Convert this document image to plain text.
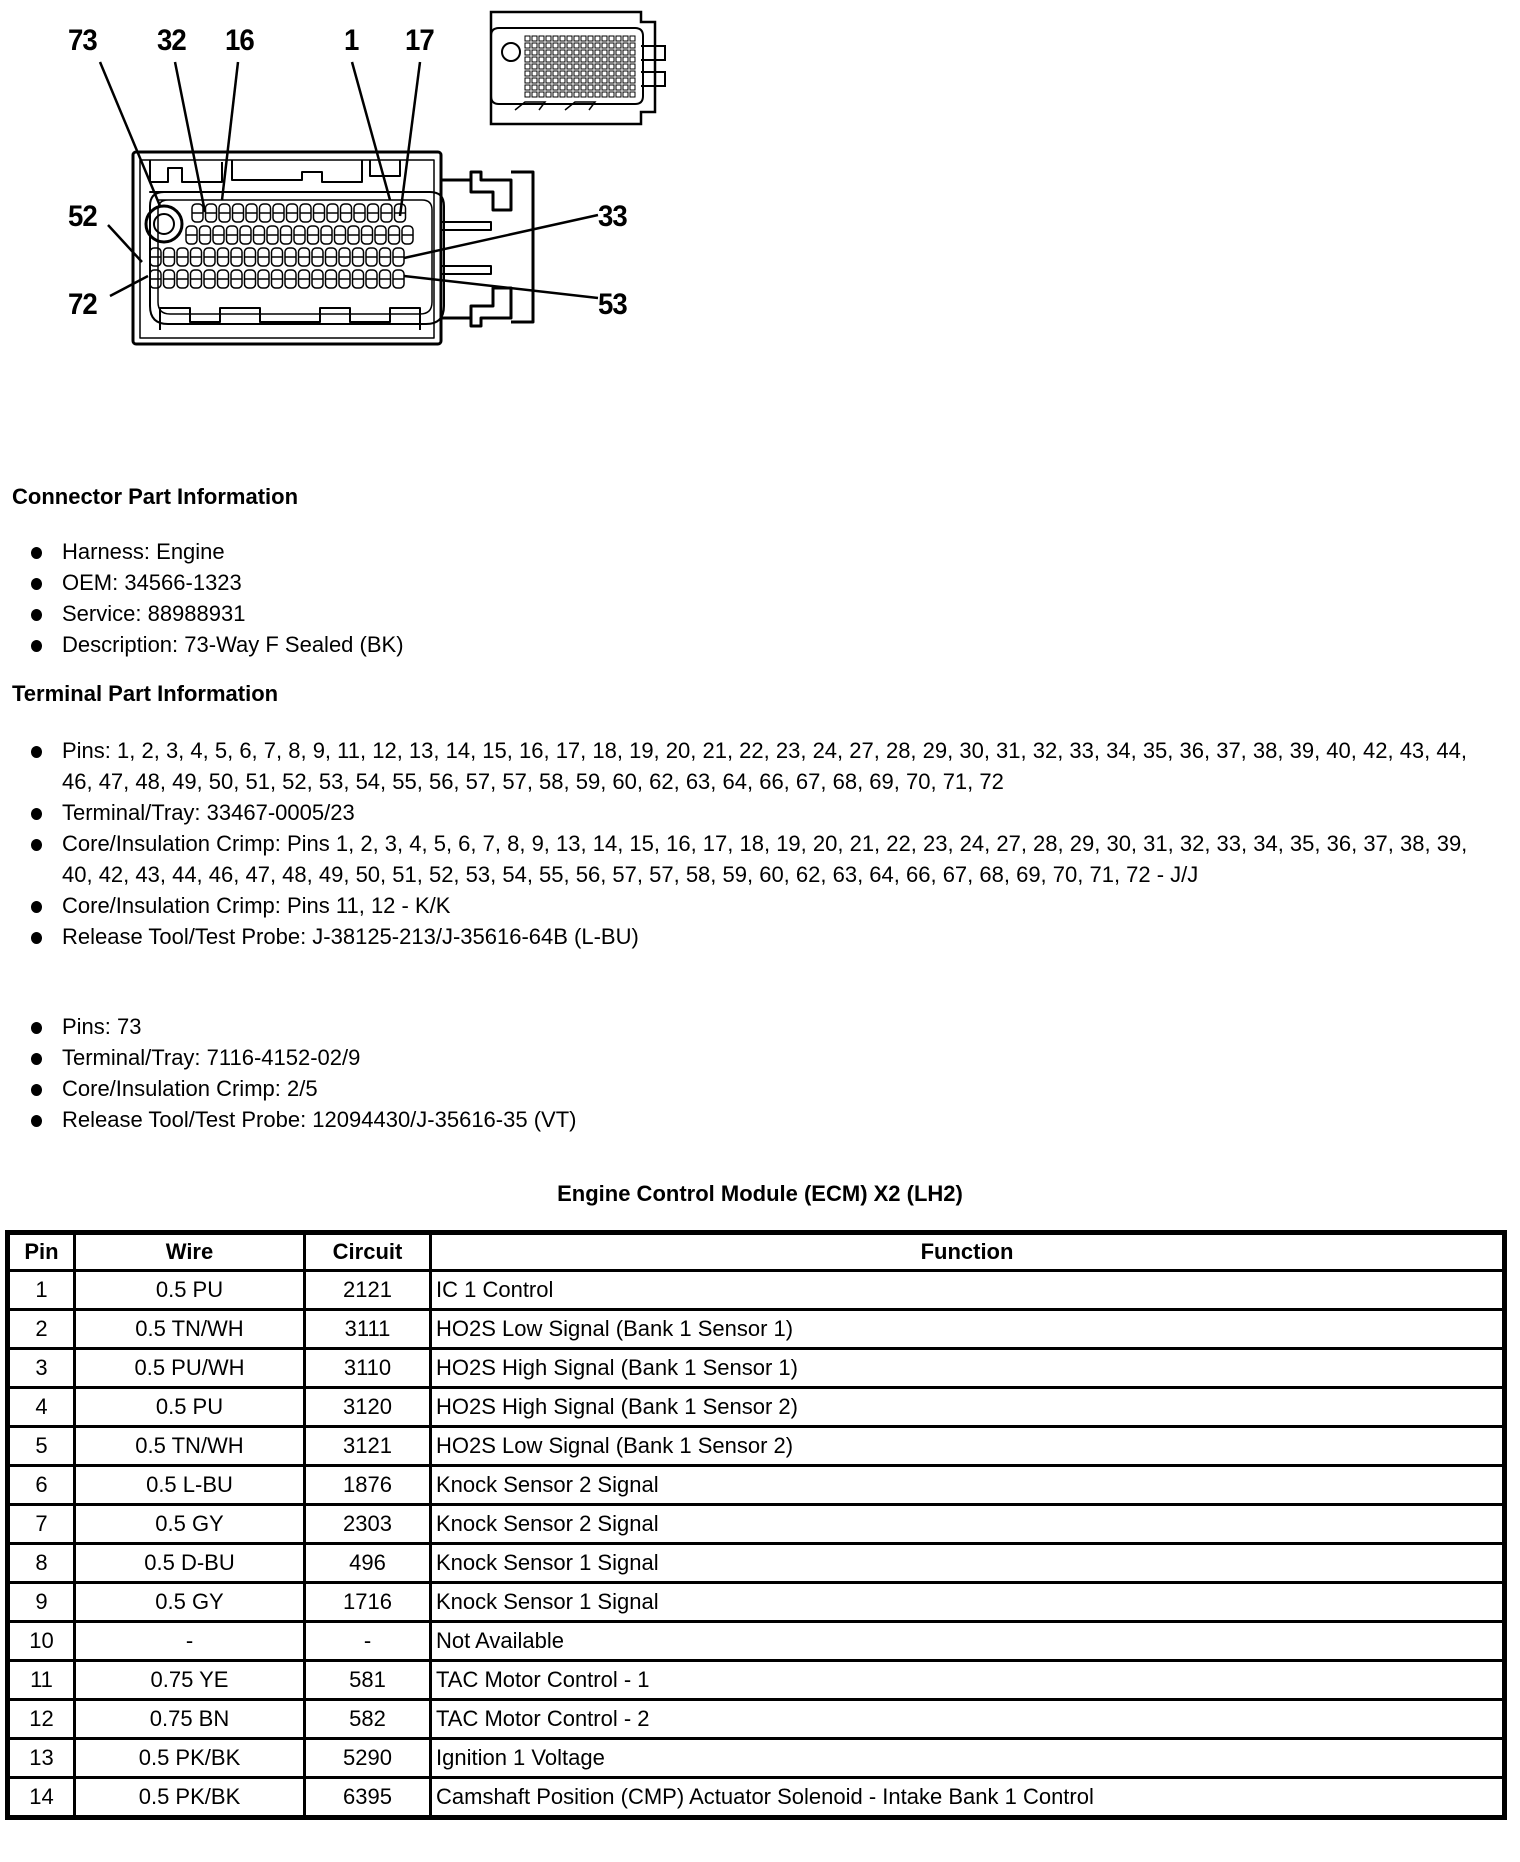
73 32 16	1 17
52
72
33
53
Connector Part Information
Harness: Engine
OEM: 34566-1323
Service: 88988931
Description: 73-Way F Sealed (BK)
Terminal Part Information
Pins: 1, 2, 3, 4, 5, 6, 7, 8, 9, 11, 12, 13, 14, 15, 16, 17, 18, 19, 20, 21, 22, 23, 24, 27, 28, 29, 30, 31, 32, 33, 34, 35, 36, 37, 38, 39, 40, 42, 43, 44, 46, 47, 48, 49, 50, 51, 52, 53, 54, 55, 56, 57, 57, 58, 59, 60, 62, 63, 64, 66, 67, 68, 69, 70, 71, 72
Terminal/Tray: 33467-0005/23
Core/Insulation Crimp: Pins 1, 2, 3, 4, 5, 6, 7, 8, 9, 13, 14, 15, 16, 17, 18, 19, 20, 21, 22, 23, 24, 27, 28, 29, 30, 31, 32, 33, 34, 35, 36, 37, 38, 39, 40, 42, 43, 44, 46, 47, 48, 49, 50, 51, 52, 53, 54, 55, 56, 57, 57, 58, 59, 60, 62, 63, 64, 66, 67, 68, 69, 70, 71, 72 - J/J
Core/Insulation Crimp: Pins 11, 12 - K/K
Release Tool/Test Probe: J-38125-213/J-35616-64B (L-BU)
Pins: 73
Terminal/Tray: 7116-4152-02/9
Core/Insulation Crimp: 2/5
Release Tool/Test Probe: 12094430/J-35616-35 (VT)
Engine Control Module (ECM) X2 (LH2)
Pin	Wire	Circuit	Function
1	0.5 PU	2121	IC 1 Control
2	0.5 TN/WH	3111	HO2S Low Signal (Bank 1 Sensor 1)
3	0.5 PU/WH	3110	HO2S High Signal (Bank 1 Sensor 1)
4	0.5 PU	3120	HO2S High Signal (Bank 1 Sensor 2)
5	0.5 TN/WH	3121	HO2S Low Signal (Bank 1 Sensor 2)
6	0.5 L-BU	1876	Knock Sensor 2 Signal
7	0.5 GY	2303	Knock Sensor 2 Signal
8	0.5 D-BU	496	Knock Sensor 1 Signal
9	0.5 GY	1716	Knock Sensor 1 Signal
10	-	-	Not Available
11	0.75 YE	581	TAC Motor Control - 1
12	0.75 BN	582	TAC Motor Control - 2
13	0.5 PK/BK	5290	Ignition 1 Voltage
14	0.5 PK/BK	6395	Camshaft Position (CMP) Actuator Solenoid - Intake Bank 1 Control
